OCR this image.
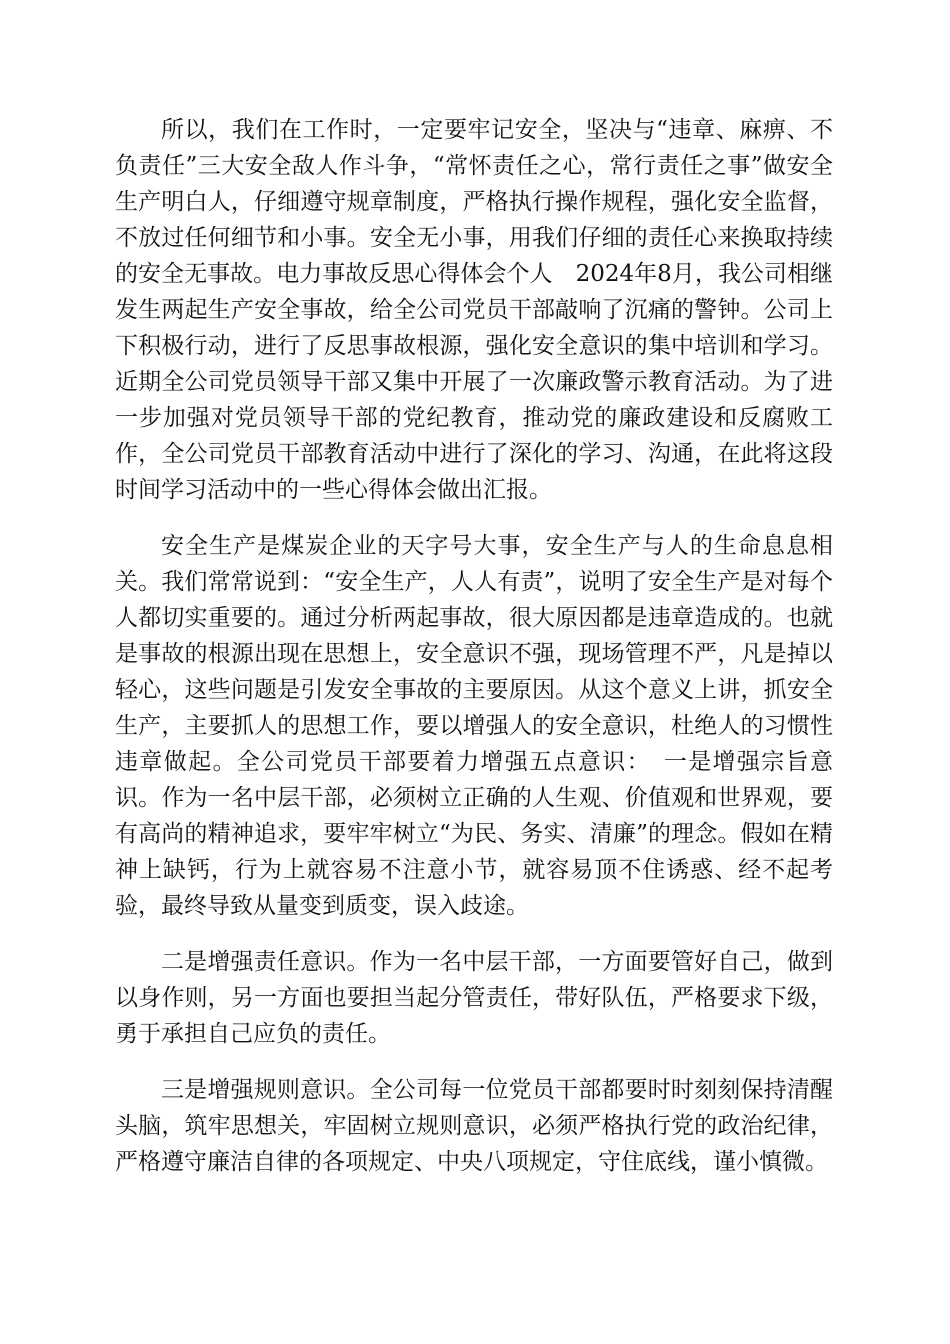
所以，我们在工作时，一定要牢记安全，坚决与“违章、麻痹、不负责任”三大安全敌人作斗争，“常怀责任之心，常行责任之事”做安全生产明白人，仔细遵守规章制度，严格执行操作规程，强化安全监督，不放过任何细节和小事。安全无小事，用我们仔细的责任心来换取持续的安全无事故。电力事故反思心得体会个人　2024年8月，我公司相继发生两起生产安全事故，给全公司党员干部敲响了沉痛的警钟。公司上下积极行动，进行了反思事故根源，强化安全意识的集中培训和学习。近期全公司党员领导干部又集中开展了一次廉政警示教育活动。为了进一步加强对党员领导干部的党纪教育，推动党的廉政建设和反腐败工作，全公司党员干部教育活动中进行了深化的学习、沟通，在此将这段时间学习活动中的一些心得体会做出汇报。

安全生产是煤炭企业的天字号大事，安全生产与人的生命息息相关。我们常常说到：“安全生产，人人有责”，说明了安全生产是对每个人都切实重要的。通过分析两起事故，很大原因都是违章造成的。也就是事故的根源出现在思想上，安全意识不强，现场管理不严，凡是掉以轻心，这些问题是引发安全事故的主要原因。从这个意义上讲，抓安全生产，主要抓人的思想工作，要以增强人的安全意识，杜绝人的习惯性违章做起。全公司党员干部要着力增强五点意识：　一是增强宗旨意识。作为一名中层干部，必须树立正确的人生观、价值观和世界观，要有高尚的精神追求，要牢牢树立“为民、务实、清廉”的理念。假如在精神上缺钙，行为上就容易不注意小节，就容易顶不住诱惑、经不起考验，最终导致从量变到质变，误入歧途。

二是增强责任意识。作为一名中层干部，一方面要管好自己，做到以身作则，另一方面也要担当起分管责任，带好队伍，严格要求下级，勇于承担自己应负的责任。

三是增强规则意识。全公司每一位党员干部都要时时刻刻保持清醒头脑，筑牢思想关，牢固树立规则意识，必须严格执行党的政治纪律，严格遵守廉洁自律的各项规定、中央八项规定，守住底线，谨小慎微。
